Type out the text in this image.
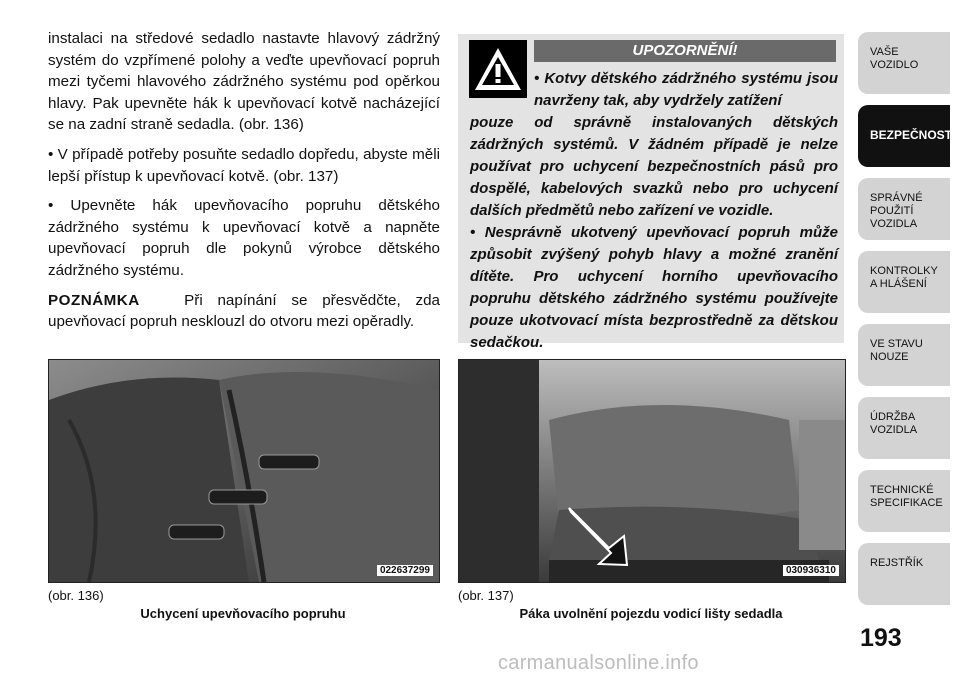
instalaci na středové sedadlo nastavte hlavový zádržný systém do vzpřímené polohy a veďte upevňovací popruh mezi tyčemi hlavového zádržného systému pod opěrkou hlavy. Pak upevněte hák k upevňovací kotvě nacházející se na zadní straně sedadla. (obr. 136)

• V případě potřeby posuňte sedadlo dopředu, abyste měli lepší přístup k upevňovací kotvě. (obr. 137)

• Upevněte hák upevňovacího popruhu dětského zádržného systému k upevňovací kotvě a napněte upevňovací popruh dle pokynů výrobce dětského zádržného systému.

POZNÁMKA	Při napínání se přesvědčte, zda upevňovací popruh nesklouzl do otvoru mezi opěradly.

UPOZORNĚNÍ!

• Kotvy dětského zádržného systému jsou navrženy tak, aby vydržely zatížení

pouze od správně instalovaných dětských zádržných systémů. V žádném případě je nelze používat pro uchycení bezpečnostních pásů pro dospělé, kabelových svazků nebo pro uchycení dalších předmětů nebo zařízení ve vozidle.

• Nesprávně ukotvený upevňovací popruh může způsobit zvýšený pohyb hlavy a možné zranění dítěte. Pro uchycení horního upevňovacího popruhu dětského zádržného systému používejte pouze ukotvovací místa bezprostředně za dětskou sedačkou.

022637299	030936310
(obr. 136)
Uchycení upevňovacího popruhu
(obr. 137)
Páka uvolnění pojezdu vodicí lišty sedadla
VAŠE
VOZIDLO
BEZPEČNOST
SPRÁVNÉ
POUŽITÍ
VOZIDLA
KONTROLKY
A HLÁŠENÍ
VE STAVU
NOUZE
ÚDRŽBA
VOZIDLA
TECHNICKÉ
SPECIFIKACE
REJSTŘÍK
193
carmanualsonline.info
